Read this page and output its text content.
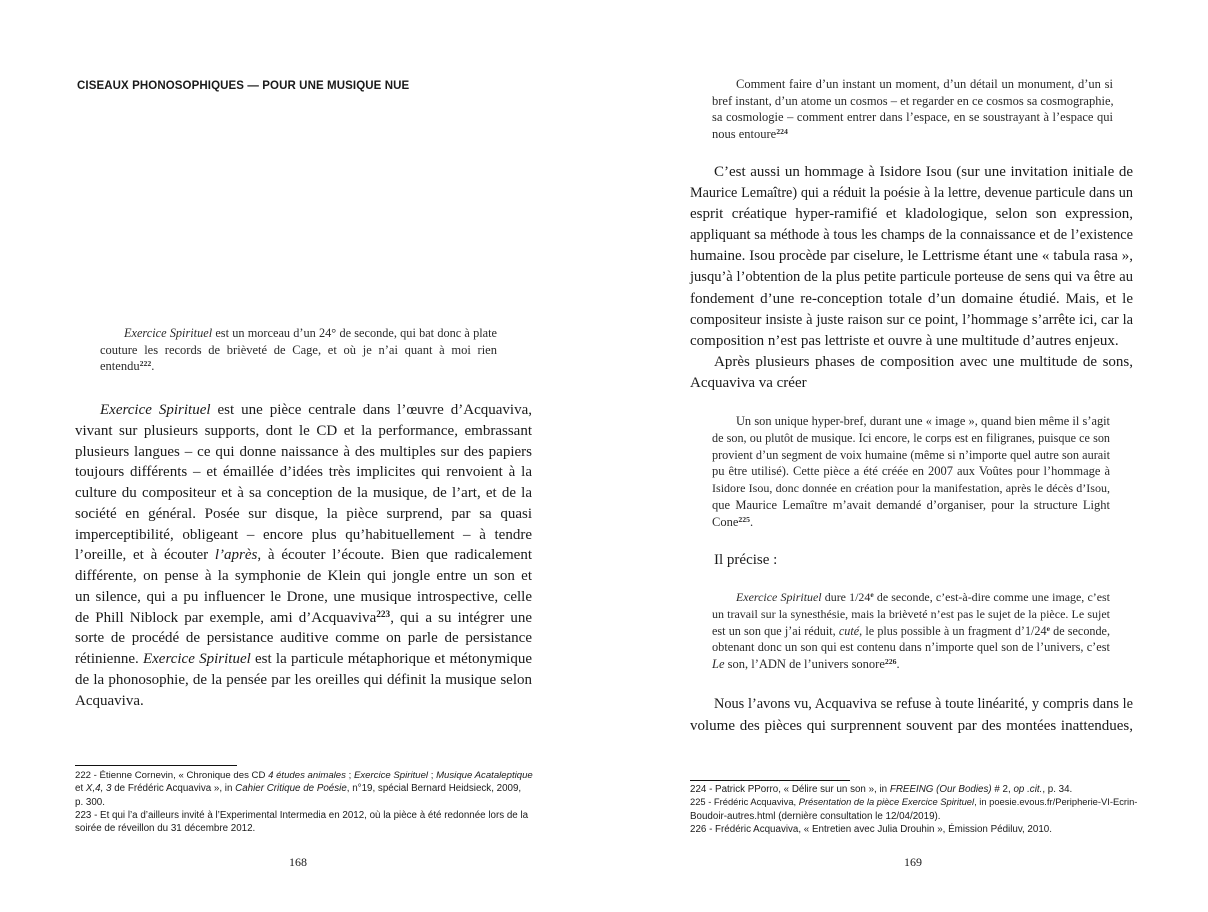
CISEAUX PHONOSOPHIQUES — POUR UNE MUSIQUE NUE
Exercice Spirituel est un morceau d’un 24° de seconde, qui bat donc à plate
couture les records de brièveté de Cage, et où je n’ai quant à moi rien
entendu$^{222}$.
Exercice Spirituel est une pièce centrale dans l’œuvre d’Acquaviva,
vivant sur plusieurs supports, dont le CD et la performance, embrassant
plusieurs langues – ce qui donne naissance à des multiples sur des papiers
toujours différents – et émaillée d’idées très implicites qui renvoient à la
culture du compositeur et à sa conception de la musique, de l’art, et de la
société en général. Posée sur disque, la pièce surprend, par sa quasi
imperceptibilité, obligeant – encore plus qu’habituellement – à tendre
l’oreille, et à écouter l’après, à écouter l’écoute. Bien que radicalement
différente, on pense à la symphonie de Klein qui jongle entre un son et
un silence, qui a pu influencer le Drone, une musique introspective, celle
de Phill Niblock par exemple, ami d’Acquaviva$^{223}$, qui a su intégrer une
sorte de procédé de persistance auditive comme on parle de persistance
rétinienne. Exercice Spirituel est la particule métaphorique et métonymique
de la phonosophie, de la pensée par les oreilles qui définit la musique selon
Acquaviva.
222 - Étienne Cornevin, « Chronique des CD 4 études animales ; Exercice Spirituel ; Musique Acataleptique
et X,4, 3 de Frédéric Acquaviva », in Cahier Critique de Poésie, n°19, spécial Bernard Heidsieck, 2009,
p. 300.
223 - Et qui l’a d’ailleurs invité à l’Experimental Intermedia en 2012, où la pièce à été redonnée lors de la
soirée de réveillon du 31 décembre 2012.
168
Comment faire d’un instant un moment, d’un détail un monument, d’un si
bref instant, d’un atome un cosmos – et regarder en ce cosmos sa cosmographie,
sa cosmologie – comment entrer dans l’espace, en se soustrayant à l’espace qui
nous entoure$^{224}$
C’est aussi un hommage à Isidore Isou (sur une invitation initiale de
Maurice Lemaître) qui a réduit la poésie à la lettre, devenue particule dans un
esprit créatique hyper-ramifié et kladologique, selon son expression,
appliquant sa méthode à tous les champs de la connaissance et de l’existence
humaine. Isou procède par ciselure, le Lettrisme étant une « tabula rasa »,
jusqu’à l’obtention de la plus petite particule porteuse de sens qui va être au
fondement d’une re-conception totale d’un domaine étudié. Mais, et le
compositeur insiste à juste raison sur ce point, l’hommage s’arrête ici, car la
composition n’est pas lettriste et ouvre à une multitude d’autres enjeux.
Après plusieurs phases de composition avec une multitude de sons,
Acquaviva va créer
Un son unique hyper-bref, durant une « image », quand bien même il s’agit
de son, ou plutôt de musique. Ici encore, le corps est en filigranes, puisque ce son
provient d’un segment de voix humaine (même si n’importe quel autre son aurait
pu être utilisé). Cette pièce a été créée en 2007 aux Voûtes pour l’hommage à
Isidore Isou, donc donnée en création pour la manifestation, après le décès d’Isou,
que Maurice Lemaître m’avait demandé d’organiser, pour la structure Light
Cone$^{225}$.
Il précise :
Exercice Spirituel dure 1/24e de seconde, c’est-à-dire comme une image, c’est
un travail sur la synesthésie, mais la brièveté n’est pas le sujet de la pièce. Le sujet
est un son que j’ai réduit, cuté, le plus possible à un fragment d’1/24e de seconde,
obtenant donc un son qui est contenu dans n’importe quel son de l’univers, c’est
Le son, l’ADN de l’univers sonore$^{226}$.
Nous l’avons vu, Acquaviva se refuse à toute linéarité, y compris dans le
volume des pièces qui surprennent souvent par des montées inattendues,
224 - Patrick PPorro, « Délire sur un son », in FREEING (Our Bodies) # 2, op .cit., p. 34.
225 - Frédéric Acquaviva, Présentation de la pièce Exercice Spirituel, in poesie.evous.fr/Peripherie-VI-Ecrin-
Boudoir-autres.html (dernière consultation le 12/04/2019).
226 - Frédéric Acquaviva, « Entretien avec Julia Drouhin », Émission Pédiluv, 2010.
169
